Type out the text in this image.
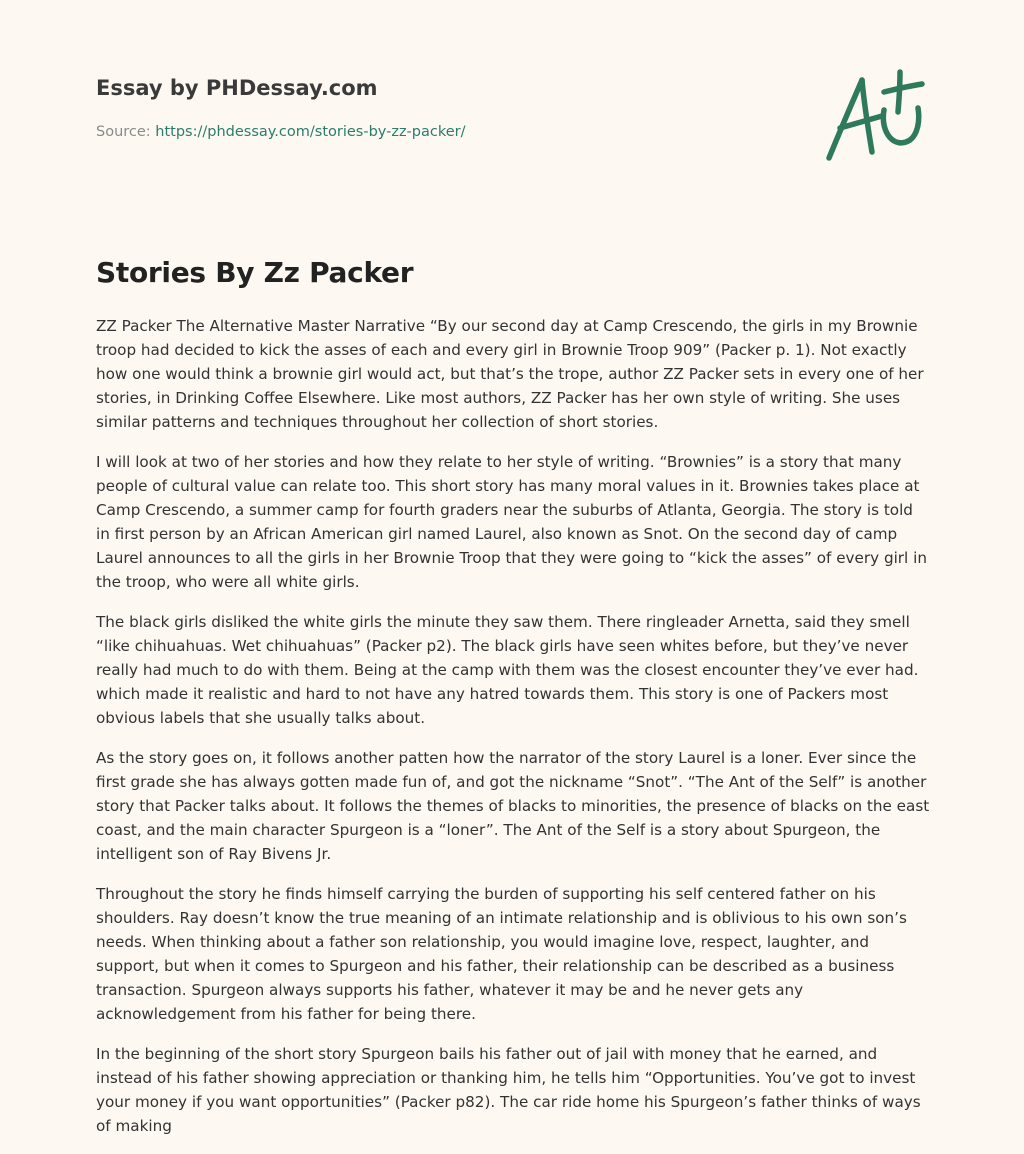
Essay by PHDessay.com
Source: https://phdessay.com/stories-by-zz-packer/
Stories By Zz Packer

ZZ Packer The Alternative Master Narrative “By our second day at Camp Crescendo, the girls in my Brownie troop had decided to kick the asses of each and every girl in Brownie Troop 909” (Packer p. 1). Not exactly how one would think a brownie girl would act, but that’s the trope, author ZZ Packer sets in every one of her stories, in Drinking Coffee Elsewhere. Like most authors, ZZ Packer has her own style of writing. She uses similar patterns and techniques throughout her collection of short stories.

I will look at two of her stories and how they relate to her style of writing. “Brownies” is a story that many people of cultural value can relate too. This short story has many moral values in it. Brownies takes place at Camp Crescendo, a summer camp for fourth graders near the suburbs of Atlanta, Georgia. The story is told in first person by an African American girl named Laurel, also known as Snot. On the second day of camp Laurel announces to all the girls in her Brownie Troop that they were going to “kick the asses” of every girl in the troop, who were all white girls.

The black girls disliked the white girls the minute they saw them. There ringleader Arnetta, said they smell “like chihuahuas. Wet chihuahuas” (Packer p2). The black girls have seen whites before, but they’ve never really had much to do with them. Being at the camp with them was the closest encounter they’ve ever had. which made it realistic and hard to not have any hatred towards them. This story is one of Packers most obvious labels that she usually talks about.

As the story goes on, it follows another patten how the narrator of the story Laurel is a loner. Ever since the first grade she has always gotten made fun of, and got the nickname “Snot”. “The Ant of the Self” is another story that Packer talks about. It follows the themes of blacks to minorities, the presence of blacks on the east coast, and the main character Spurgeon is a “loner”. The Ant of the Self is a story about Spurgeon, the intelligent son of Ray Bivens Jr.

Throughout the story he finds himself carrying the burden of supporting his self centered father on his shoulders. Ray doesn’t know the true meaning of an intimate relationship and is oblivious to his own son’s needs. When thinking about a father son relationship, you would imagine love, respect, laughter, and support, but when it comes to Spurgeon and his father, their relationship can be described as a business transaction. Spurgeon always supports his father, whatever it may be and he never gets any acknowledgement from his father for being there.

In the beginning of the short story Spurgeon bails his father out of jail with money that he earned, and instead of his father showing appreciation or thanking him, he tells him “Opportunities. You’ve got to invest your money if you want opportunities” (Packer p82). The car ride home his Spurgeon’s father thinks of ways of making
